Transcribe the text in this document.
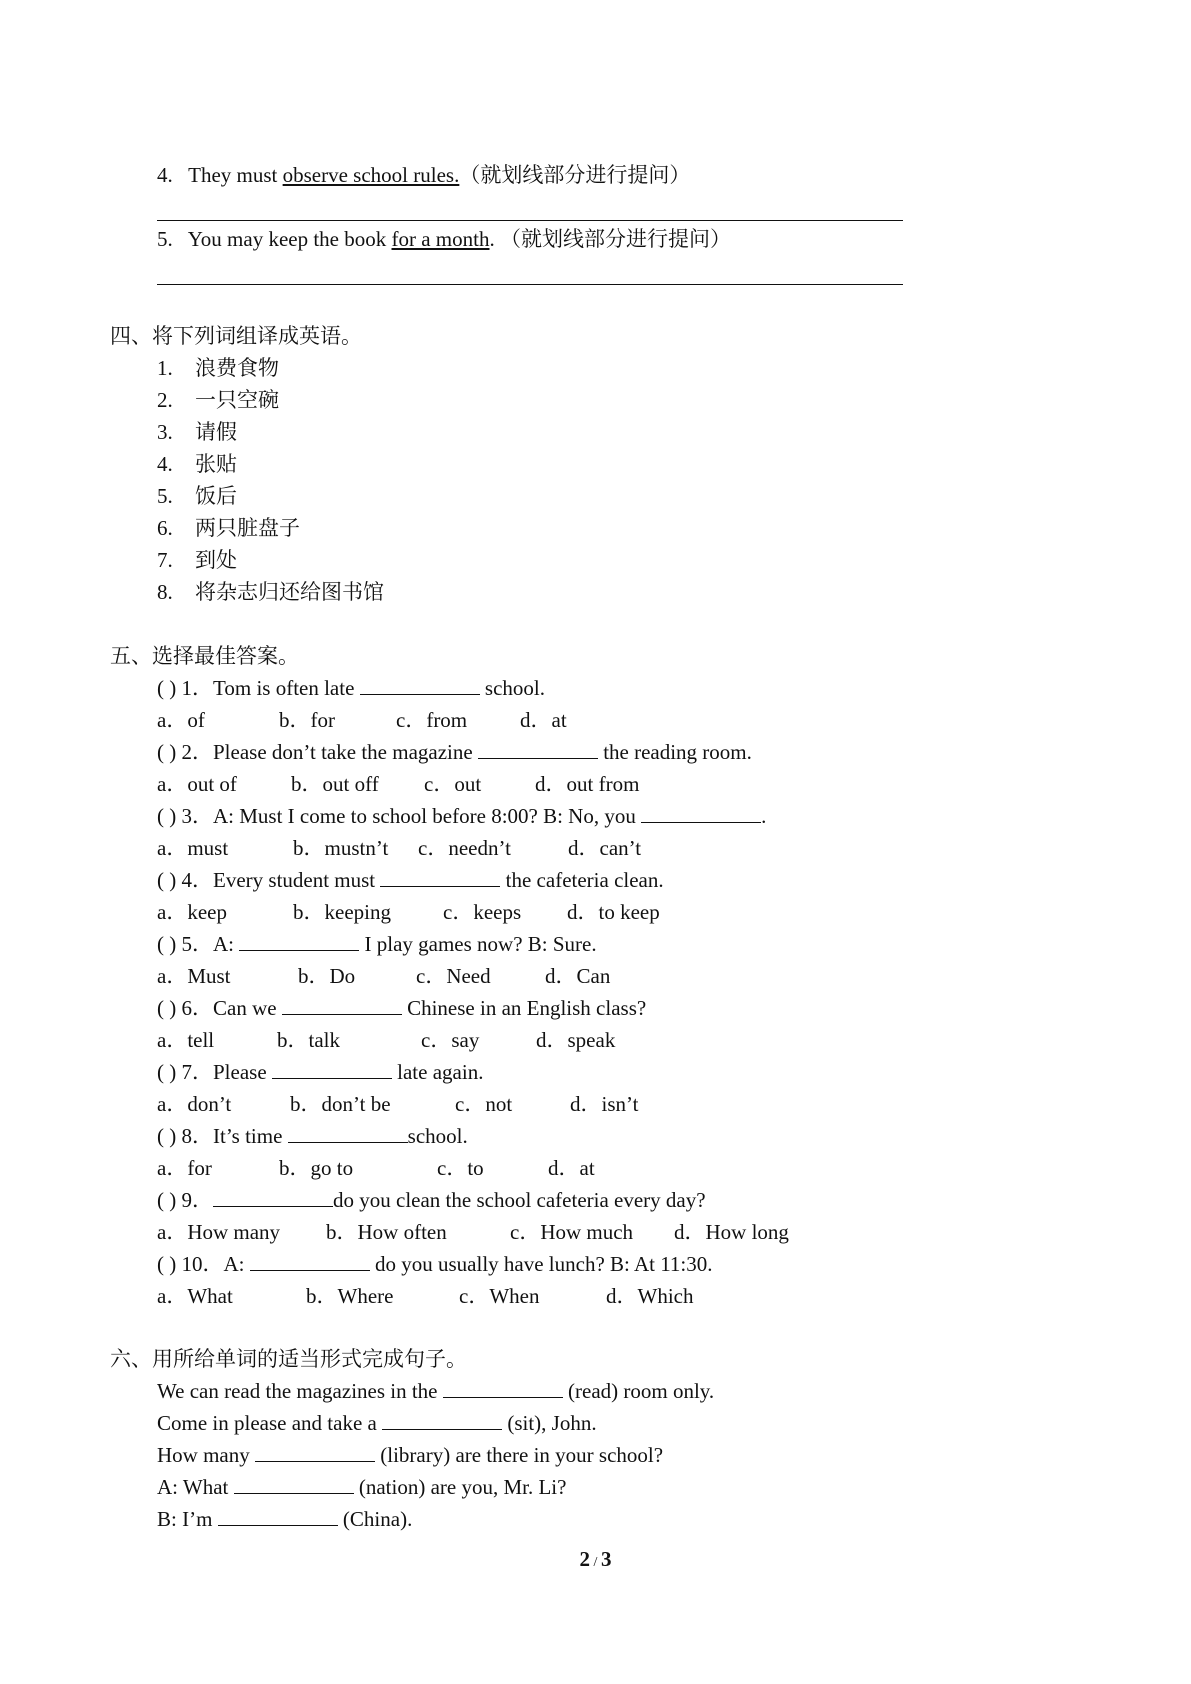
4. They must observe school rules.（就划线部分进行提问）
5. You may keep the book for a month. （就划线部分进行提问）
四、将下列词组译成英语。
1. 浪费食物
2. 一只空碗
3. 请假
4. 张贴
5. 饭后
6. 两只脏盘子
7. 到处
8. 将杂志归还给图书馆
五、选择最佳答案。
( ) 1．Tom is often late	school.
a．of	b．for	c．from	d．at
( ) 2．Please don’t take the magazine	the reading room.
a．out of	b．out off c．out	d．out from
( ) 3．A: Must I come to school before 8:00? B: No, you	.
a．must	b．mustn’t c．needn’t	d．can’t
( ) 4．Every student must	the cafeteria clean.
a．keep	b．keeping c．keeps d．to keep
( ) 5．A:	I play games now? B: Sure.
a．Must	b．Do	c．Need	d．Can
( ) 6．Can we	Chinese in an English class?
a．tell	b．talk	c．say	d．speak
( ) 7．Please	late again.
a．don’t	b．don’t be	c．not	d．isn’t
( ) 8．It’s time	school.
a．for	b．go to	c．to	d．at
( ) 9．	do you clean the school cafeteria every day?
a．How many b．How often	c．How much d．How long
( ) 10．A:	do you usually have lunch? B: At 11:30.
a．What	b．Where	c．When	d．Which
六、用所给单词的适当形式完成句子。
We can read the magazines in the	(read) room only.
Come in please and take a	(sit), John.
How many	(library) are there in your school?
A: What	(nation) are you, Mr. Li?
B: I’m	(China).
2 / 3
